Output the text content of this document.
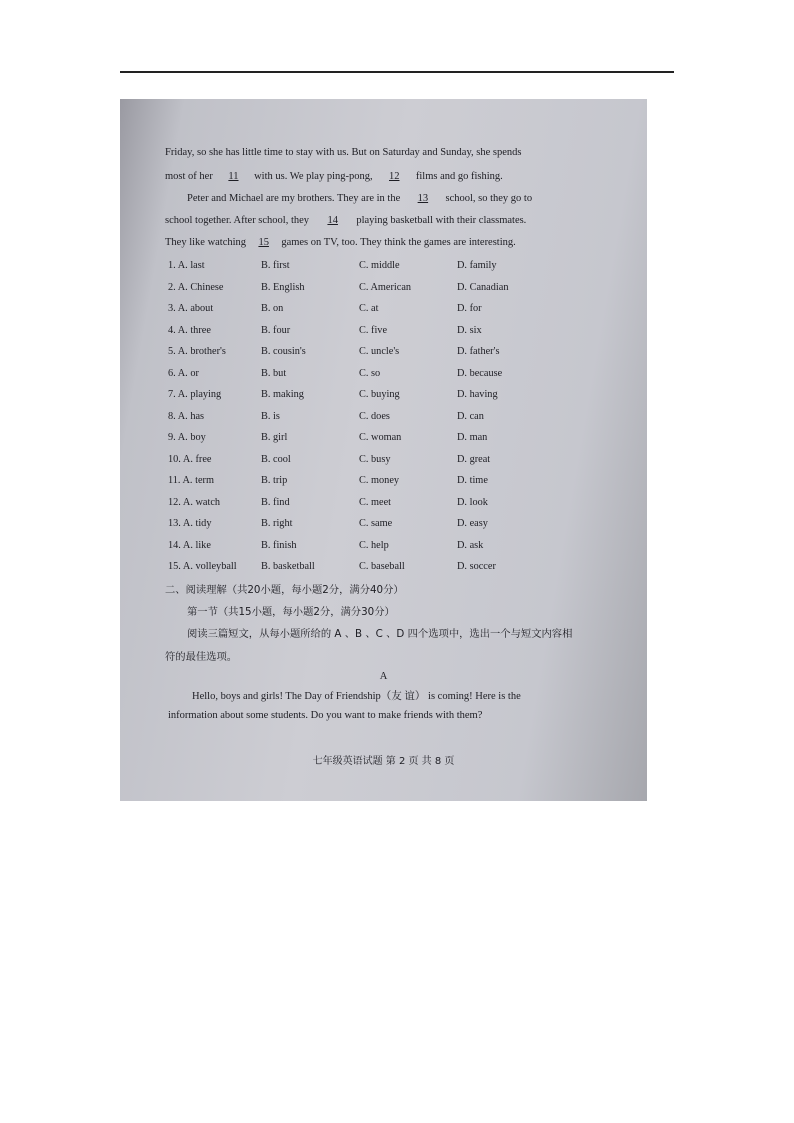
Friday, so she has little time to stay with us. But on Saturday and Sunday, she spends
most of her 11 with us. We play ping-pong, 12 films and go fishing.
Peter and Michael are my brothers. They are in the 13 school, so they go to
school together. After school, they 14 playing basketball with their classmates.
They like watching 15 games on TV, too. They think the games are interesting.
1. A. last	B. first	C. middle	D. family
2. A. Chinese	B. English	C. American	D. Canadian
3. A. about	B. on	C. at	D. for
4. A. three	B. four	C. five	D. six
5. A. brother's	B. cousin's	C. uncle's	D. father's
6. A. or	B. but	C. so	D. because
7. A. playing	B. making	C. buying	D. having
8. A. has	B. is	C. does	D. can
9. A. boy	B. girl	C. woman	D. man
10. A. free	B. cool	C. busy	D. great
11. A. term	B. trip	C. money	D. time
12. A. watch	B. find	C. meet	D. look
13. A. tidy	B. right	C. same	D. easy
14. A. like	B. finish	C. help	D. ask
15. A. volleyball B. basketball	C. baseball	D. soccer
二、阅读理解（共20小题，每小题2分，满分40分）
第一节（共15小题，每小题2分，满分30分）
阅读三篇短文，从每小题所给的 A 、B 、C 、D 四个选项中，选出一个与短文内容相
符的最佳选项。
A
Hello, boys and girls! The Day of Friendship（友 谊） is coming! Here is the
information about some students. Do you want to make friends with them?
七年级英语试题 第 2 页 共 8 页
